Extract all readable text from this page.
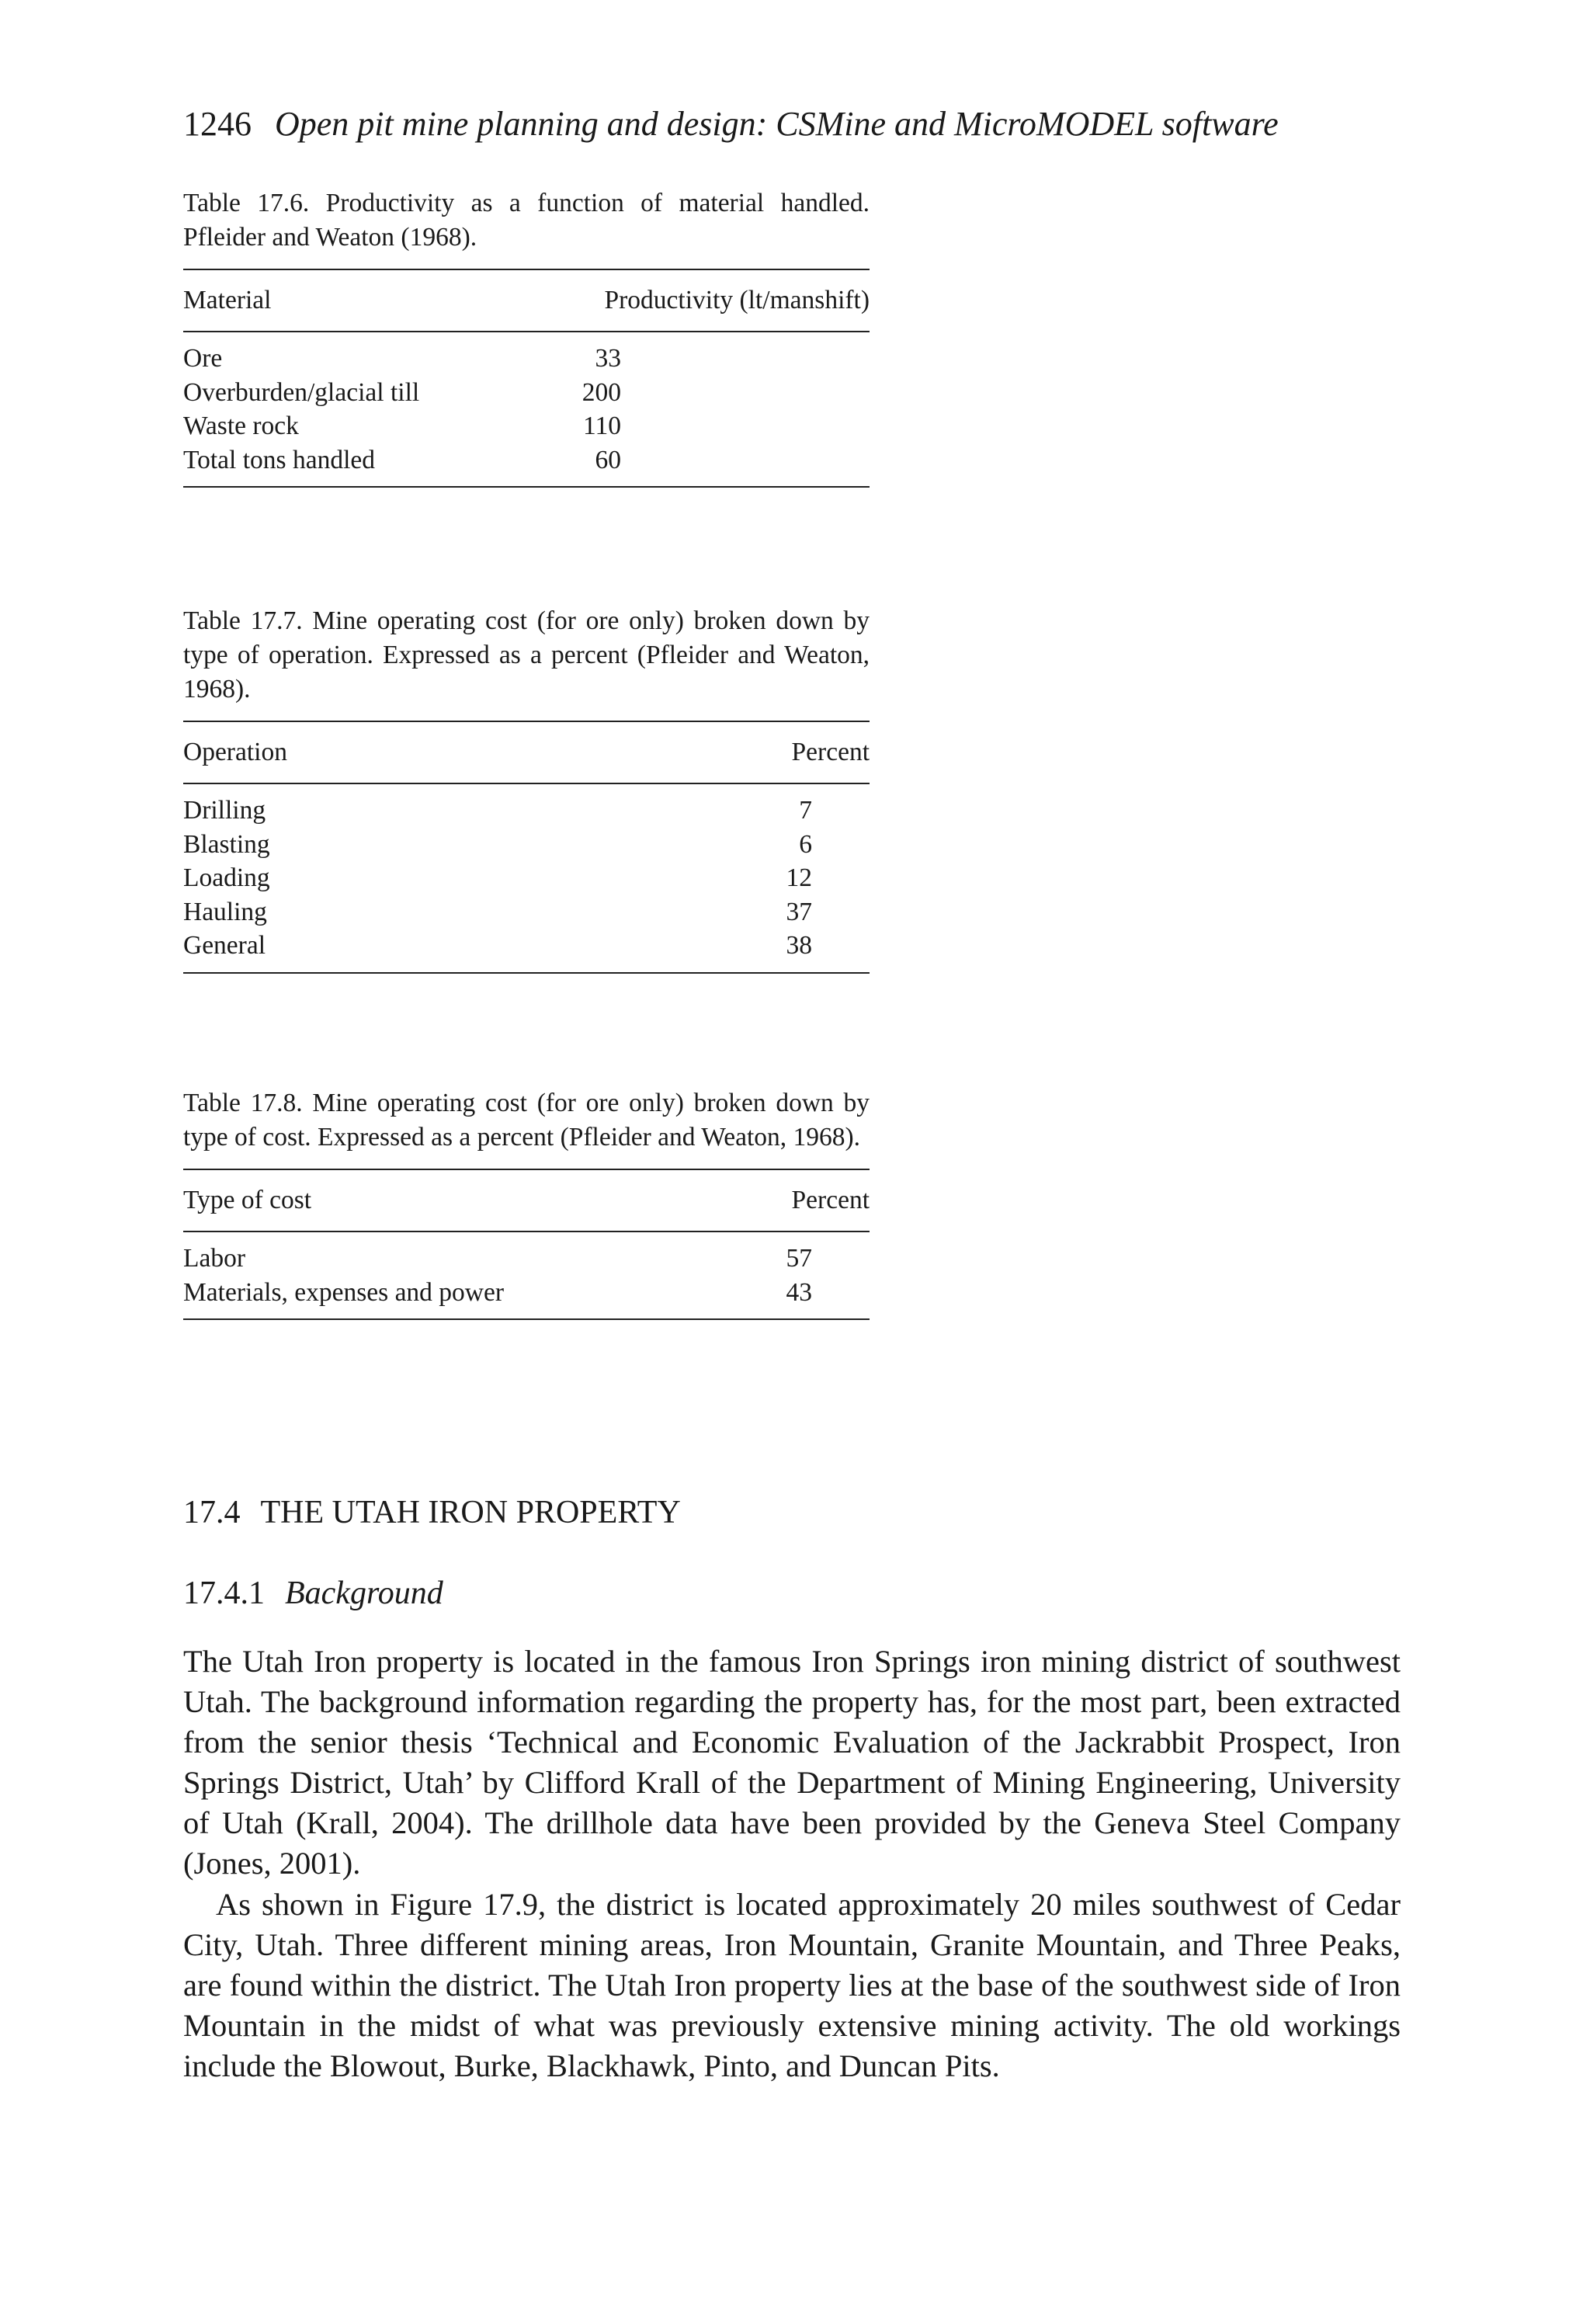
1246 Open pit mine planning and design: CSMine and MicroMODEL software

Table 17.6. Productivity as a function of material handled. Pfleider and Weaton (1968).

Material	Productivity (lt/manshift)
Ore	33
Overburden/glacial till	200
Waste rock	110
Total tons handled	60

Table 17.7. Mine operating cost (for ore only) broken down by type of operation. Expressed as a percent (Pfleider and Weaton, 1968).

Operation	Percent
Drilling	7
Blasting	6
Loading	12
Hauling	37
General	38

Table 17.8. Mine operating cost (for ore only) broken down by type of cost. Expressed as a percent (Pfleider and Weaton, 1968).

Type of cost	Percent
Labor	57
Materials, expenses and power	43
17.4 THE UTAH IRON PROPERTY
17.4.1 Background

The Utah Iron property is located in the famous Iron Springs iron mining district of southwest Utah. The background information regarding the property has, for the most part, been extracted from the senior thesis ‘Technical and Economic Evaluation of the Jackrabbit Prospect, Iron Springs District, Utah’ by Clifford Krall of the Department of Mining Engineering, University of Utah (Krall, 2004). The drillhole data have been provided by the Geneva Steel Company (Jones, 2001).

As shown in Figure 17.9, the district is located approximately 20 miles southwest of Cedar City, Utah. Three different mining areas, Iron Mountain, Granite Mountain, and Three Peaks, are found within the district. The Utah Iron property lies at the base of the southwest side of Iron Mountain in the midst of what was previously extensive mining activity. The old workings include the Blowout, Burke, Blackhawk, Pinto, and Duncan Pits.
